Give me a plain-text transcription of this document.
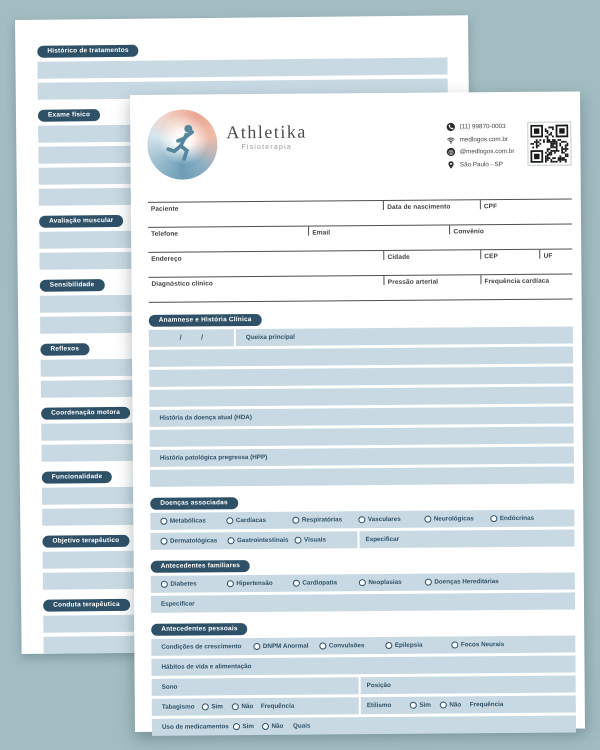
Histórico de tratamentos
Exame físico
Avaliação muscular
Sensibilidade
Reflexos
Coordenação motora
Funcionalidade
Objetivo terapêutico
Conduta terapêutica
Athletika
Fisioterapia
(11) 99870-0003
medlogos.com.br
@ @medlogos.com.br
São Paulo - SP
Paciente	Data de nascimento	CPF
Telefone	Email	Convênio
Endereço	Cidade	CEP	UF
Diagnóstico clínico	Pressão arterial	Frequência cardíaca
Anamnese e História Clínica
/          /	Queixa principal
História da doença atual (HDA)
História patológica pregressa (HPP)
Doenças associadas
Metabólicas	Cardíacas	Respiratórias	Vasculares	Neurológicas	Endócrinas
Dermatológicas	Gastrointestinais Visuais	Especificar
Antecedentes familiares
Diabetes	Hipertensão	Cardiopatia	Neoplasias	Doenças Hereditárias
Especificar
Antecedentes pessoais
Condições de crescimento	DNPM Anormal	Convulsões	Epilepsia	Focos Neurais
Hábitos de vida e alimentação
Sono	Posição
Tabagismo	Sim	Não Frequência	Etilismo	Sim	Não Frequência
Uso de medicamentos	Sim	Não Quais
